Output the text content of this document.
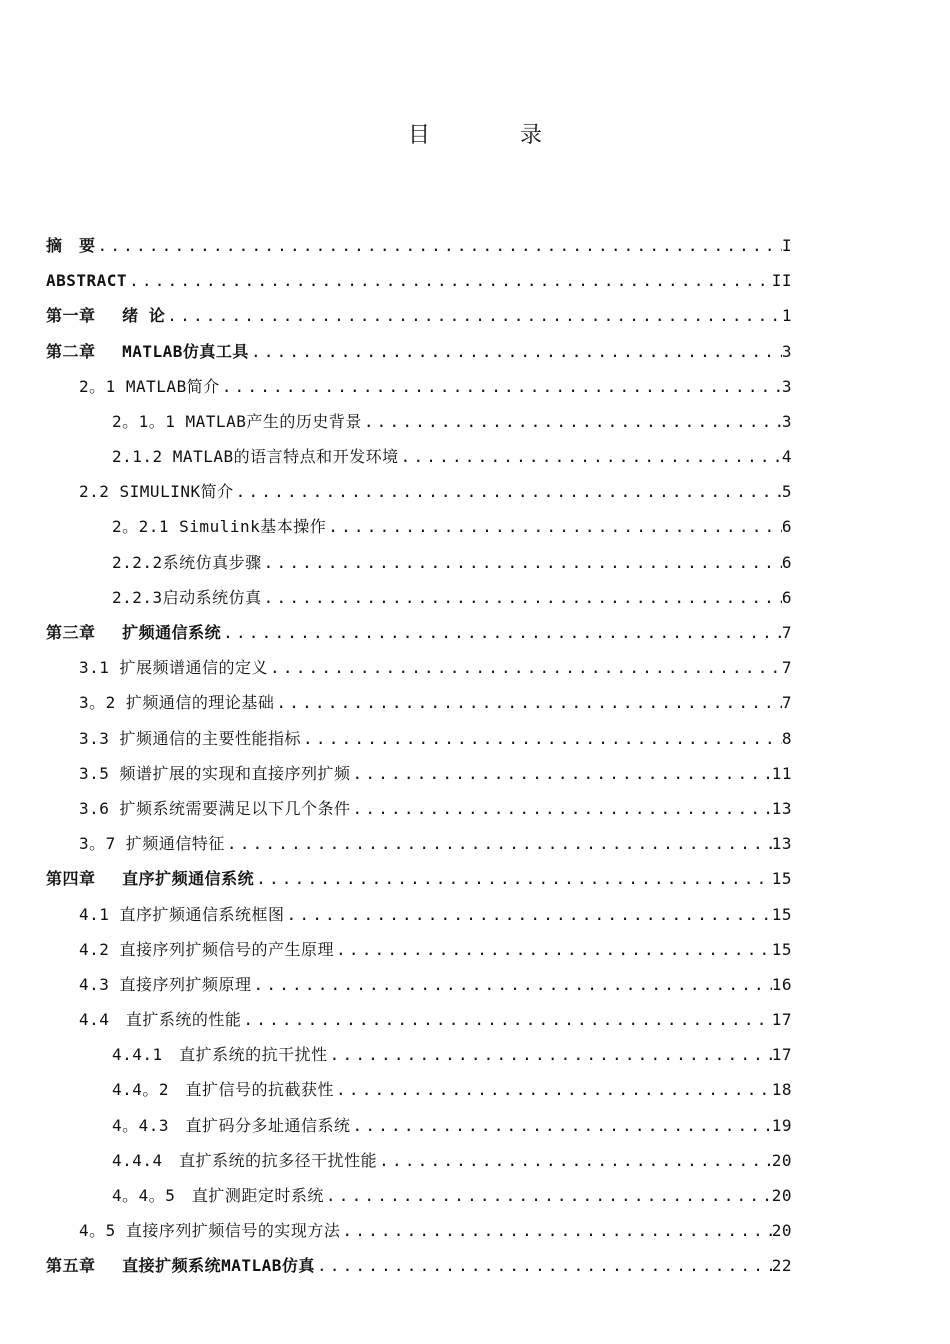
目　录
摘　要 .....	I
ABSTRACT .....	II
第一章　 绪 论 .....	1
第二章　 MATLAB仿真工具 .....	3
2。1 MATLAB简介 .....	3
2。1。1 MATLAB产生的历史背景 .....	3
2.1.2 MATLAB的语言特点和开发环境 .....	4
2.2 SIMULINK简介 .....	5
2。2.1 Simulink基本操作 .....	6
2.2.2系统仿真步骤 .....	6
2.2.3启动系统仿真 .....	6
第三章　 扩频通信系统 .....	7
3.1 扩展频谱通信的定义 .....	7
3。2 扩频通信的理论基础 .....	7
3.3 扩频通信的主要性能指标 .....	8
3.5 频谱扩展的实现和直接序列扩频 .....	11
3.6 扩频系统需要满足以下几个条件 .....	13
3。7 扩频通信特征 .....	13
第四章　 直序扩频通信系统 .....	15
4.1 直序扩频通信系统框图 .....	15
4.2 直接序列扩频信号的产生原理 .....	15
4.3 直接序列扩频原理 .....	16
4.4　直扩系统的性能 .....	17
4.4.1　直扩系统的抗干扰性 .....	17
4.4。2　直扩信号的抗截获性 .....	18
4。4.3　直扩码分多址通信系统 .....	19
4.4.4　直扩系统的抗多径干扰性能 .....	20
4。4。5　直扩测距定时系统 .....	20
4。5 直接序列扩频信号的实现方法 .....	20
第五章　 直接扩频系统MATLAB仿真 .....	22
